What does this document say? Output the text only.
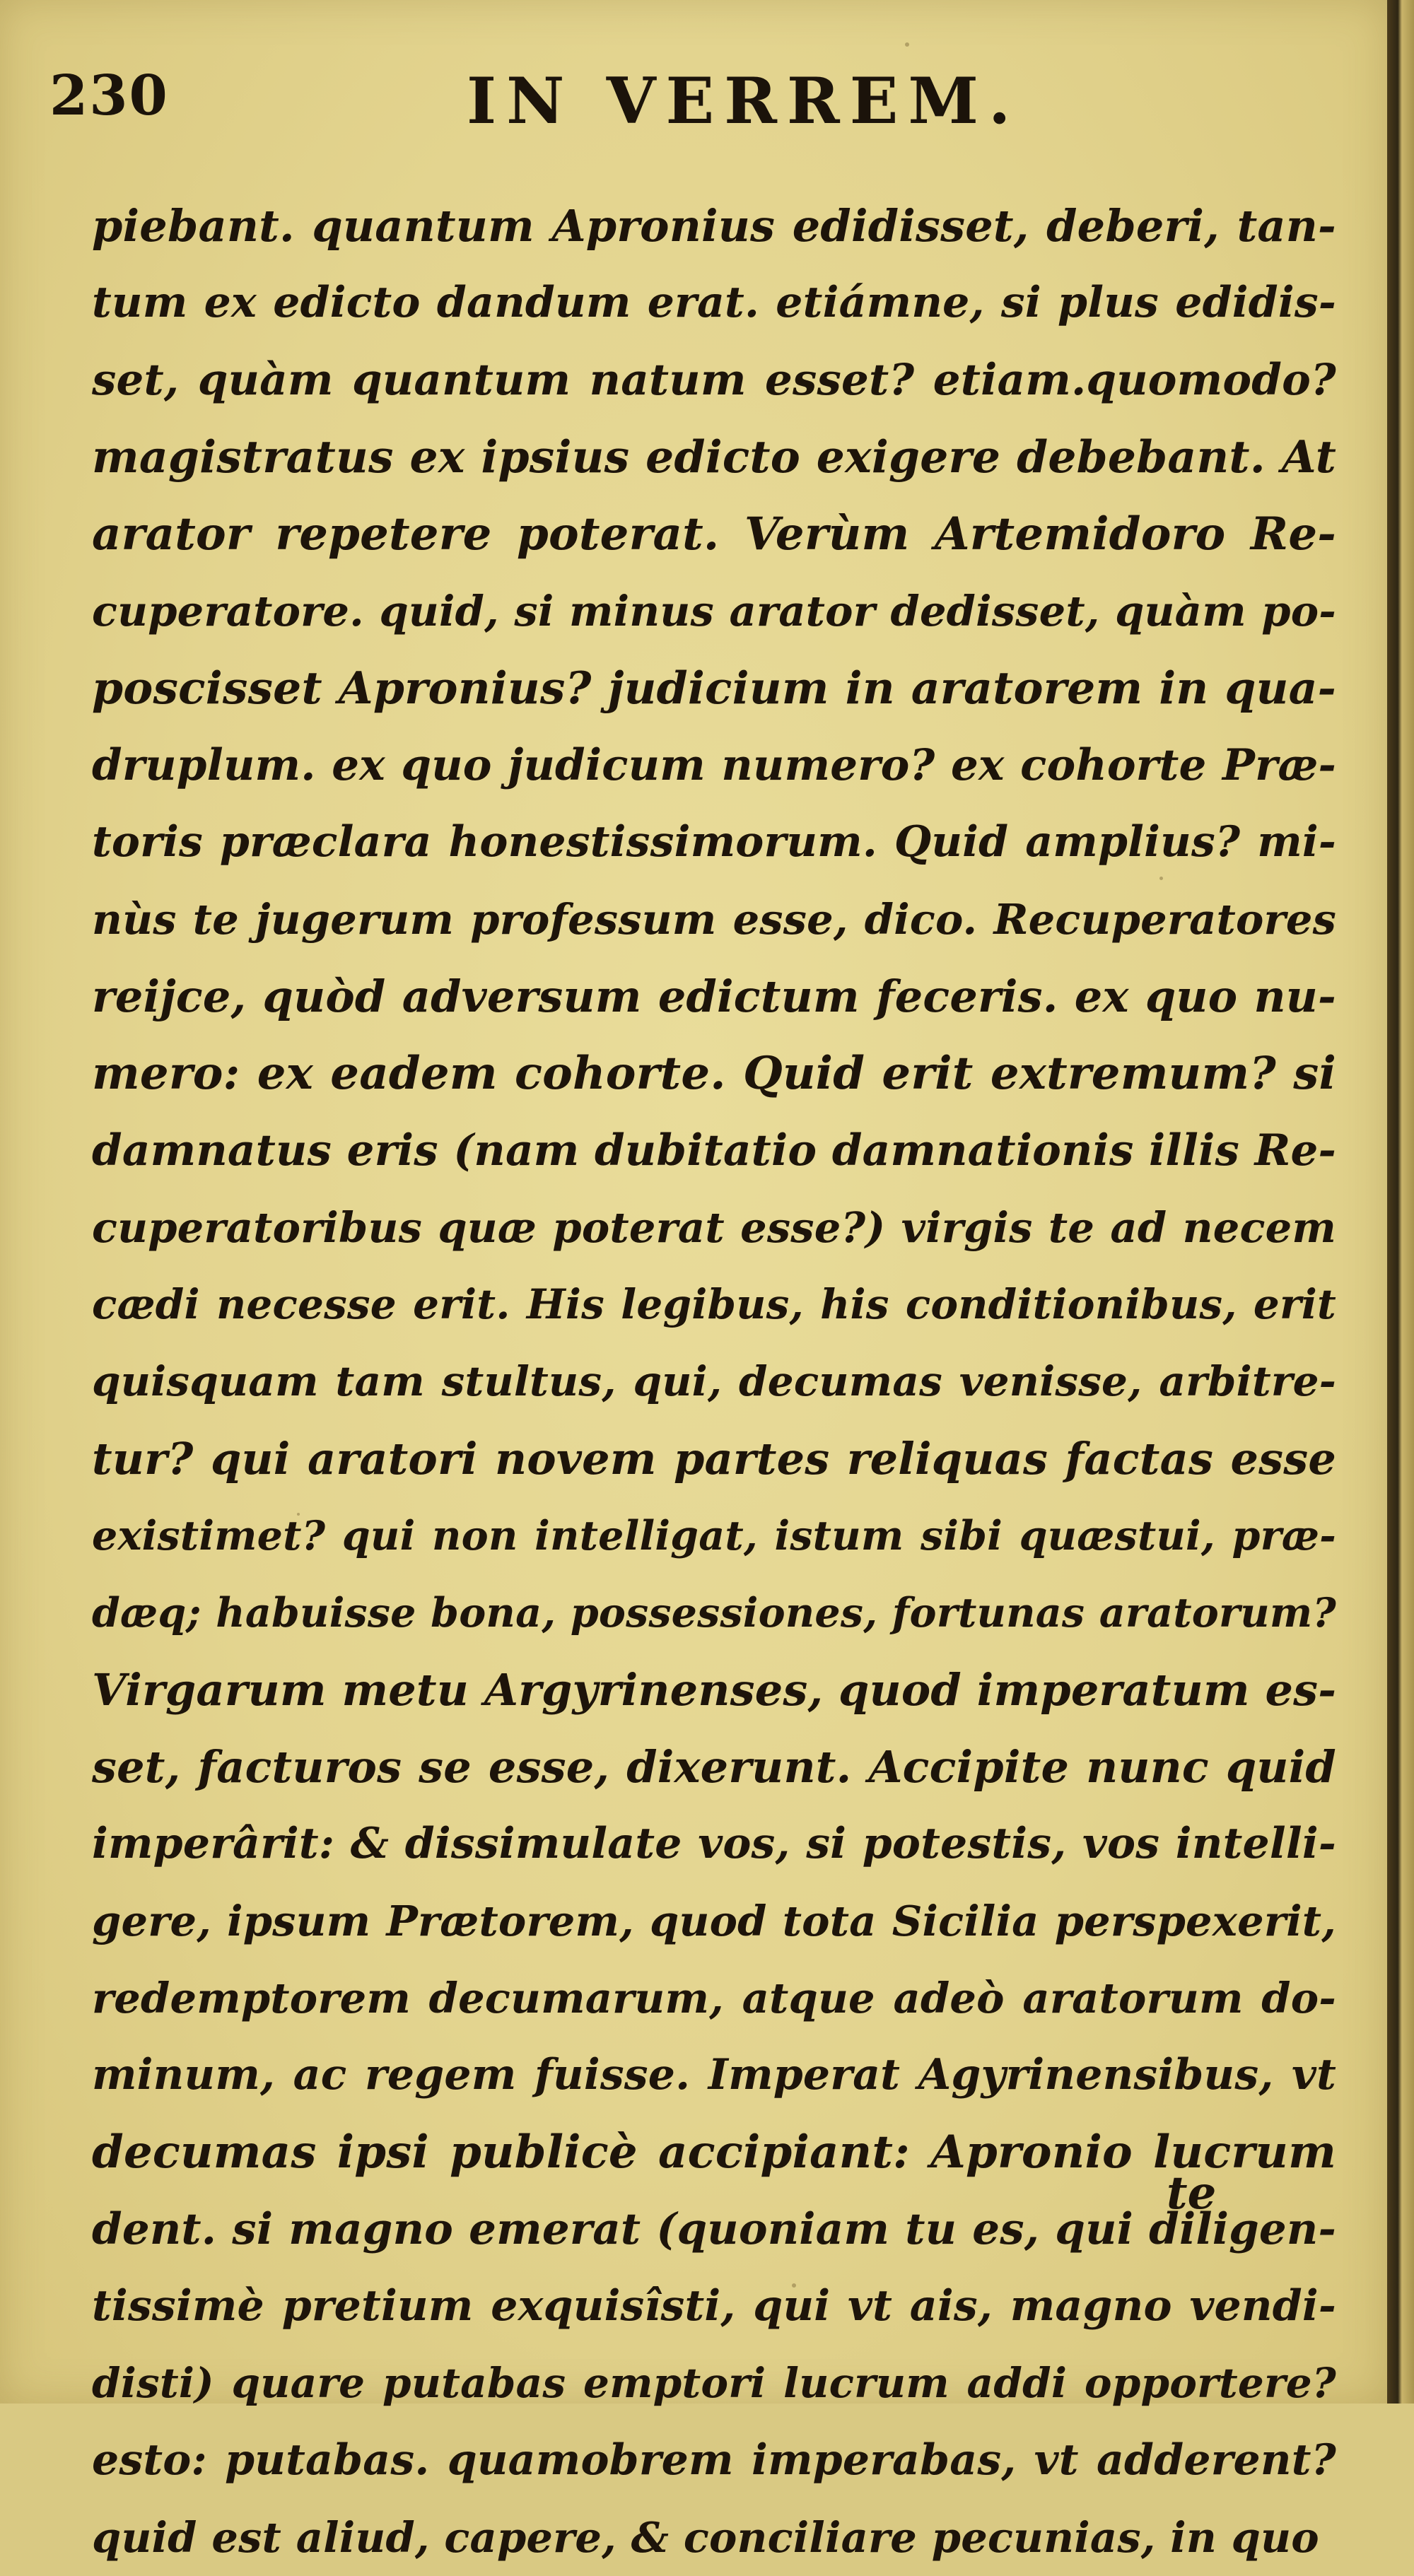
230	IN VERREM.
piebant. quantum Apronius edidisset, deberi, tan-
tum ex edicto dandum erat. etiámne, si plus edidis-
set, quàm quantum natum esset? etiam.quomodo?
magistratus ex ipsius edicto exigere debebant. At
arator repetere poterat. Verùm Artemidoro Re-
cuperatore. quid, si minus arator dedisset, quàm po-
poscisset Apronius? judicium in aratorem in qua-
druplum. ex quo judicum numero? ex cohorte Præ-
toris præclara honestissimorum. Quid amplius? mi-
nùs te jugerum professum esse, dico. Recuperatores
reijce, quòd adversum edictum feceris. ex quo nu-
mero: ex eadem cohorte. Quid erit extremum? si
damnatus eris (nam dubitatio damnationis illis Re-
cuperatoribus quæ poterat esse?) virgis te ad necem
cædi necesse erit. His legibus, his conditionibus, erit
quisquam tam stultus, qui, decumas venisse, arbitre-
tur? qui aratori novem partes reliquas factas esse
existimet? qui non intelligat, istum sibi quæstui, præ-
dæq; habuisse bona, possessiones, fortunas aratorum?
Virgarum metu Argyrinenses, quod imperatum es-
set, facturos se esse, dixerunt. Accipite nunc quid
imperârit: & dissimulate vos, si potestis, vos intelli-
gere, ipsum Prætorem, quod tota Sicilia perspexerit,
redemptorem decumarum, atque adeò aratorum do-
minum, ac regem fuisse. Imperat Agyrinensibus, vt
decumas ipsi publicè accipiant: Apronio lucrum
dent. si magno emerat (quoniam tu es, qui diligen-
tissimè pretium exquisîsti, qui vt ais, magno vendi-
disti) quare putabas emptori lucrum addi opportere?
esto: putabas. quamobrem imperabas, vt adderent?
quid est aliud, capere, & conciliare pecunias, in quo
te
